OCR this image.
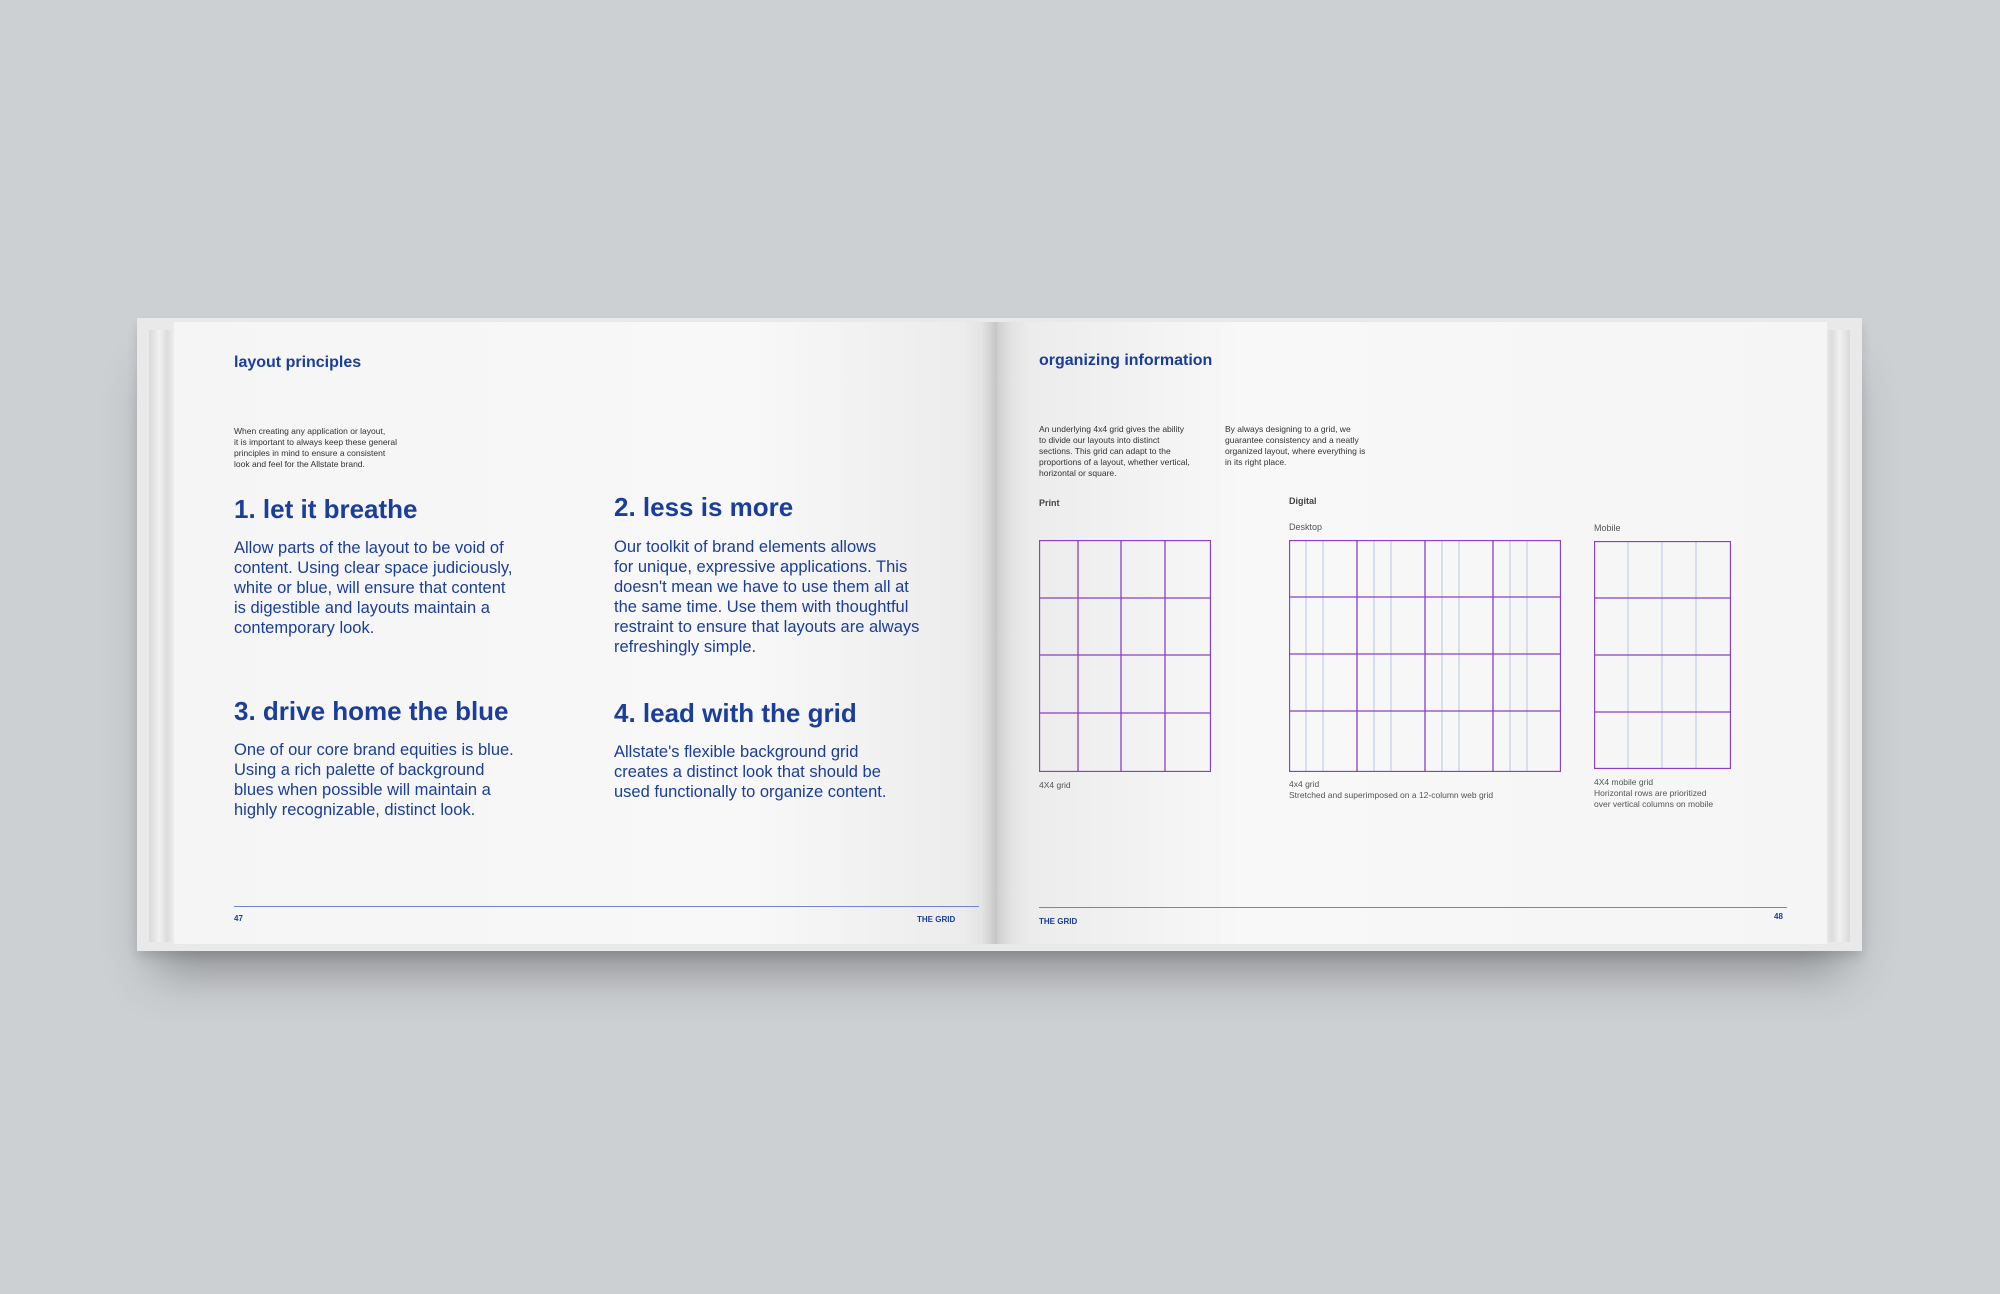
layout principles
When creating any application or layout,
it is important to always keep these general
principles in mind to ensure a consistent
look and feel for the Allstate brand.
1. let it breathe
Allow parts of the layout to be void of
content. Using clear space judiciously,
white or blue, will ensure that content
is digestible and layouts maintain a
contemporary look.
2. less is more
Our toolkit of brand elements allows
for unique, expressive applications. This
doesn't mean we have to use them all at
the same time. Use them with thoughtful
restraint to ensure that layouts are always
refreshingly simple.
3. drive home the blue
One of our core brand equities is blue.
Using a rich palette of background
blues when possible will maintain a
highly recognizable, distinct look.
4. lead with the grid
Allstate's flexible background grid
creates a distinct look that should be
used functionally to organize content.
47	THE GRID
organizing information
An underlying 4x4 grid gives the ability
to divide our layouts into distinct
sections. This grid can adapt to the
proportions of a layout, whether vertical,
horizontal or square.
By always designing to a grid, we
guarantee consistency and a neatly
organized layout, where everything is
in its right place.
Print	Digital
Desktop	Mobile
4X4 grid	4x4 grid
Stretched and superimposed on a 12-column web grid
4X4 mobile grid
Horizontal rows are prioritized
over vertical columns on mobile
THE GRID
48
